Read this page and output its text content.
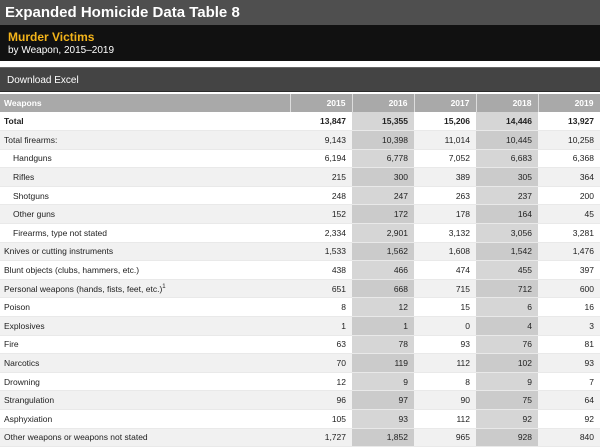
Expanded Homicide Data Table 8
Murder Victims
by Weapon, 2015–2019
Download Excel
Weapons	2015	2016	2017	2018	2019
Total	13,847	15,355	15,206	14,446	13,927
Total firearms:	9,143	10,398	11,014	10,445	10,258
Handguns	6,194	6,778	7,052	6,683	6,368
Rifles	215	300	389	305	364
Shotguns	248	247	263	237	200
Other guns	152	172	178	164	45
Firearms, type not stated	2,334	2,901	3,132	3,056	3,281
Knives or cutting instruments	1,533	1,562	1,608	1,542	1,476
Blunt objects (clubs, hammers, etc.)	438	466	474	455	397
Personal weapons (hands, fists, feet, etc.)$^1$	651	668	715	712	600
Poison	8	12	15	6	16
Explosives	1	1	0	4	3
Fire	63	78	93	76	81
Narcotics	70	119	112	102	93
Drowning	12	9	8	9	7
Strangulation	96	97	90	75	64
Asphyxiation	105	93	112	92	92
Other weapons or weapons not stated	1,727	1,852	965	928	840
